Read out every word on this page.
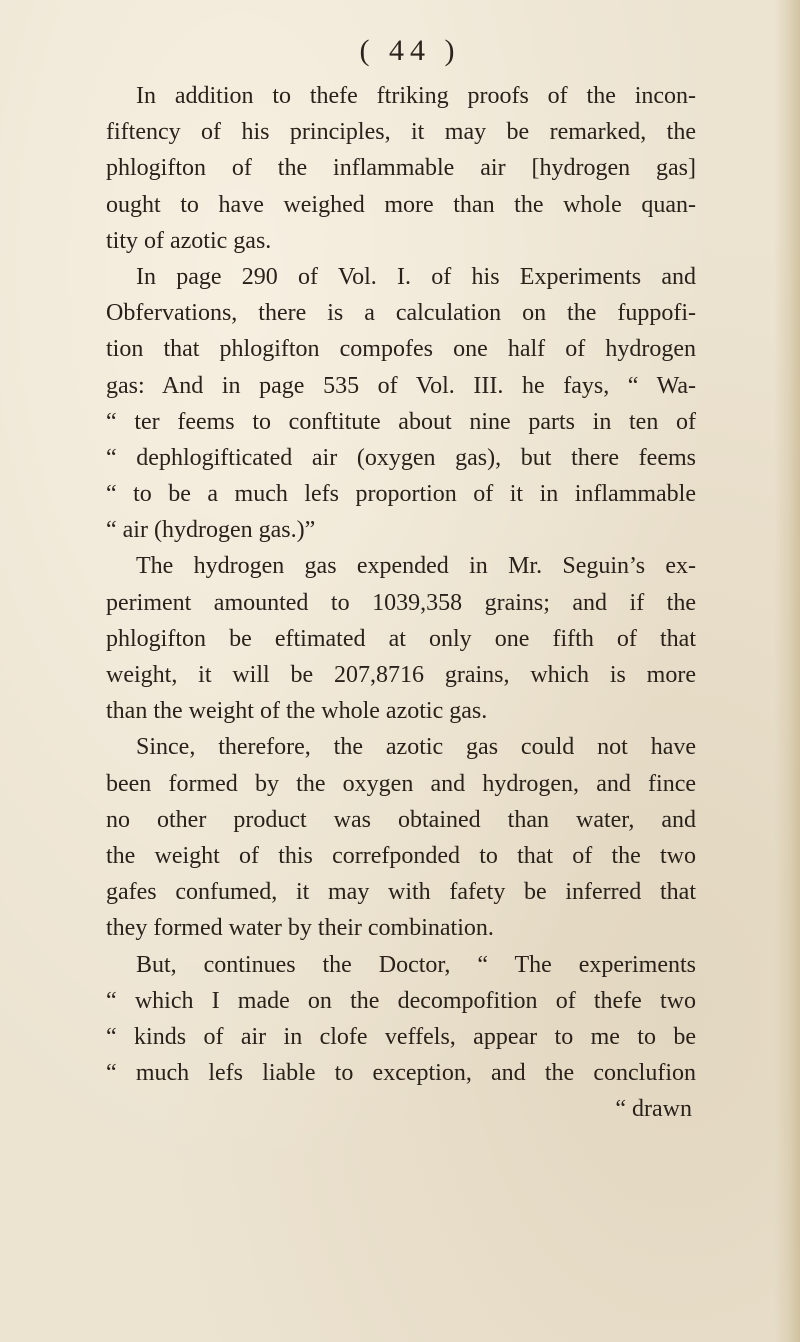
( 44 )
In addition to thefe ftriking proofs of the incon-
fiftency of his principles, it may be remarked, the
phlogifton of the inflammable air [hydrogen gas]
ought to have weighed more than the whole quan-
tity of azotic gas.
In page 290 of Vol. I. of his Experiments and
Obfervations, there is a calculation on the fuppofi-
tion that phlogifton compofes one half of hydrogen
gas: And in page 535 of Vol. III. he fays, “ Wa-
“ ter feems to conftitute about nine parts in ten of
“ dephlogifticated air (oxygen gas), but there feems
“ to be a much lefs proportion of it in inflammable
“ air (hydrogen gas.)”
The hydrogen gas expended in Mr. Seguin’s ex-
periment amounted to 1039,358 grains; and if the
phlogifton be eftimated at only one fifth of that
weight, it will be 207,8716 grains, which is more
than the weight of the whole azotic gas.
Since, therefore, the azotic gas could not have
been formed by the oxygen and hydrogen, and fince
no other product was obtained than water, and
the weight of this correfponded to that of the two
gafes confumed, it may with fafety be inferred that
they formed water by their combination.
But, continues the Doctor, “ The experiments
“ which I made on the decompofition of thefe two
“ kinds of air in clofe veffels, appear to me to be
“ much lefs liable to exception, and the conclufion
“ drawn
